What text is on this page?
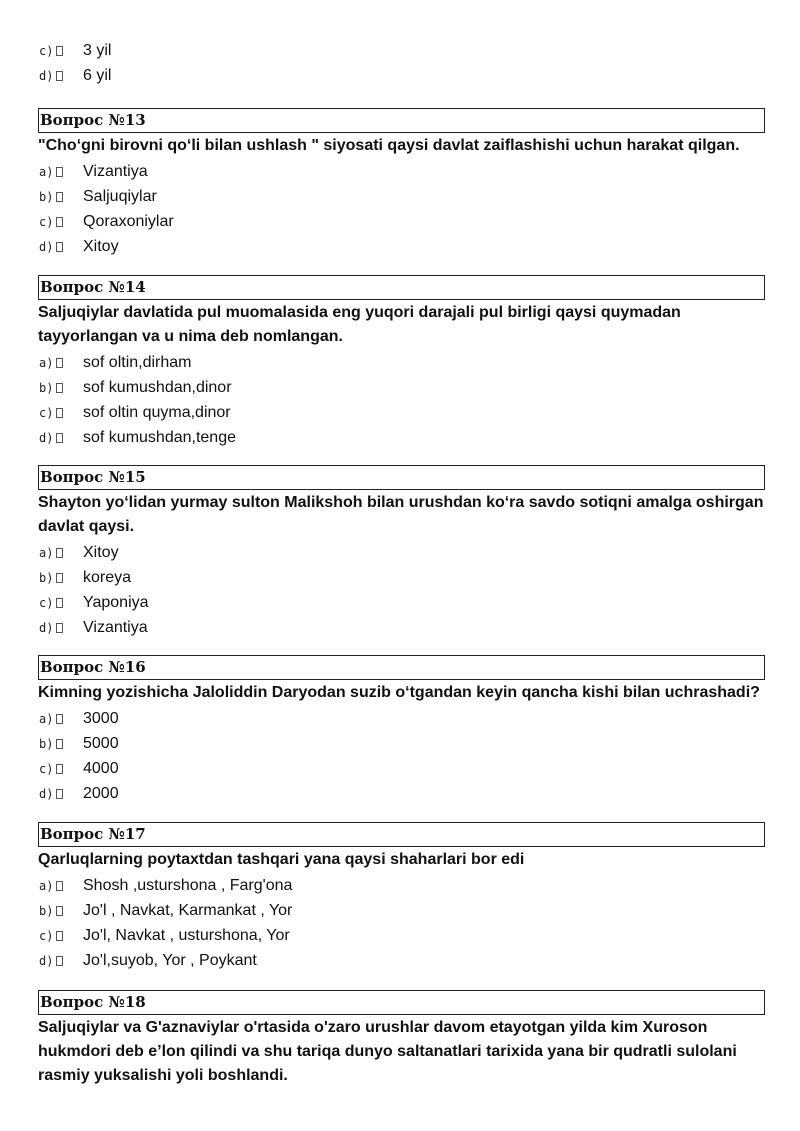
c) 3 yil
d) 6 yil
Вопрос №13
"Cho‘gni birovni qo‘li bilan ushlash " siyosati qaysi davlat zaiflashishi uchun harakat qilgan.
a) Vizantiya
b) Saljuqiylar
c) Qoraxoniylar
d) Xitoy
Вопрос №14
Saljuqiylar davlatida pul muomalasida eng yuqori darajali pul birligi qaysi quymadan tayyorlangan va u nima deb nomlangan.
a) sof oltin,dirham
b) sof kumushdan,dinor
c) sof oltin quyma,dinor
d) sof kumushdan,tenge
Вопрос №15
Shayton yo‘lidan yurmay sulton Malikshoh bilan urushdan ko‘ra savdo sotiqni amalga oshirgan davlat qaysi.
a) Xitoy
b) koreya
c) Yaponiya
d) Vizantiya
Вопрос №16
Kimning yozishicha Jaloliddin Daryodan suzib o‘tgandan keyin qancha kishi bilan uchrashadi?
a) 3000
b) 5000
c) 4000
d) 2000
Вопрос №17
Qarluqlarning poytaxtdan tashqari yana qaysi shaharlari bor edi
a) Shosh ,usturshona , Farg'ona
b) Jo'l , Navkat, Karmankat , Yor
c) Jo'l, Navkat , usturshona, Yor
d) Jo'l,suyob, Yor , Poykant
Вопрос №18
Saljuqiylar va G'aznaviylar o'rtasida o'zaro urushlar davom etayotgan yilda kim Xuroson hukmdori deb e’lon qilindi va shu tariqa dunyo saltanatlari tarixida yana bir qudratli sulolani rasmiy yuksalishi yoli boshlandi.
